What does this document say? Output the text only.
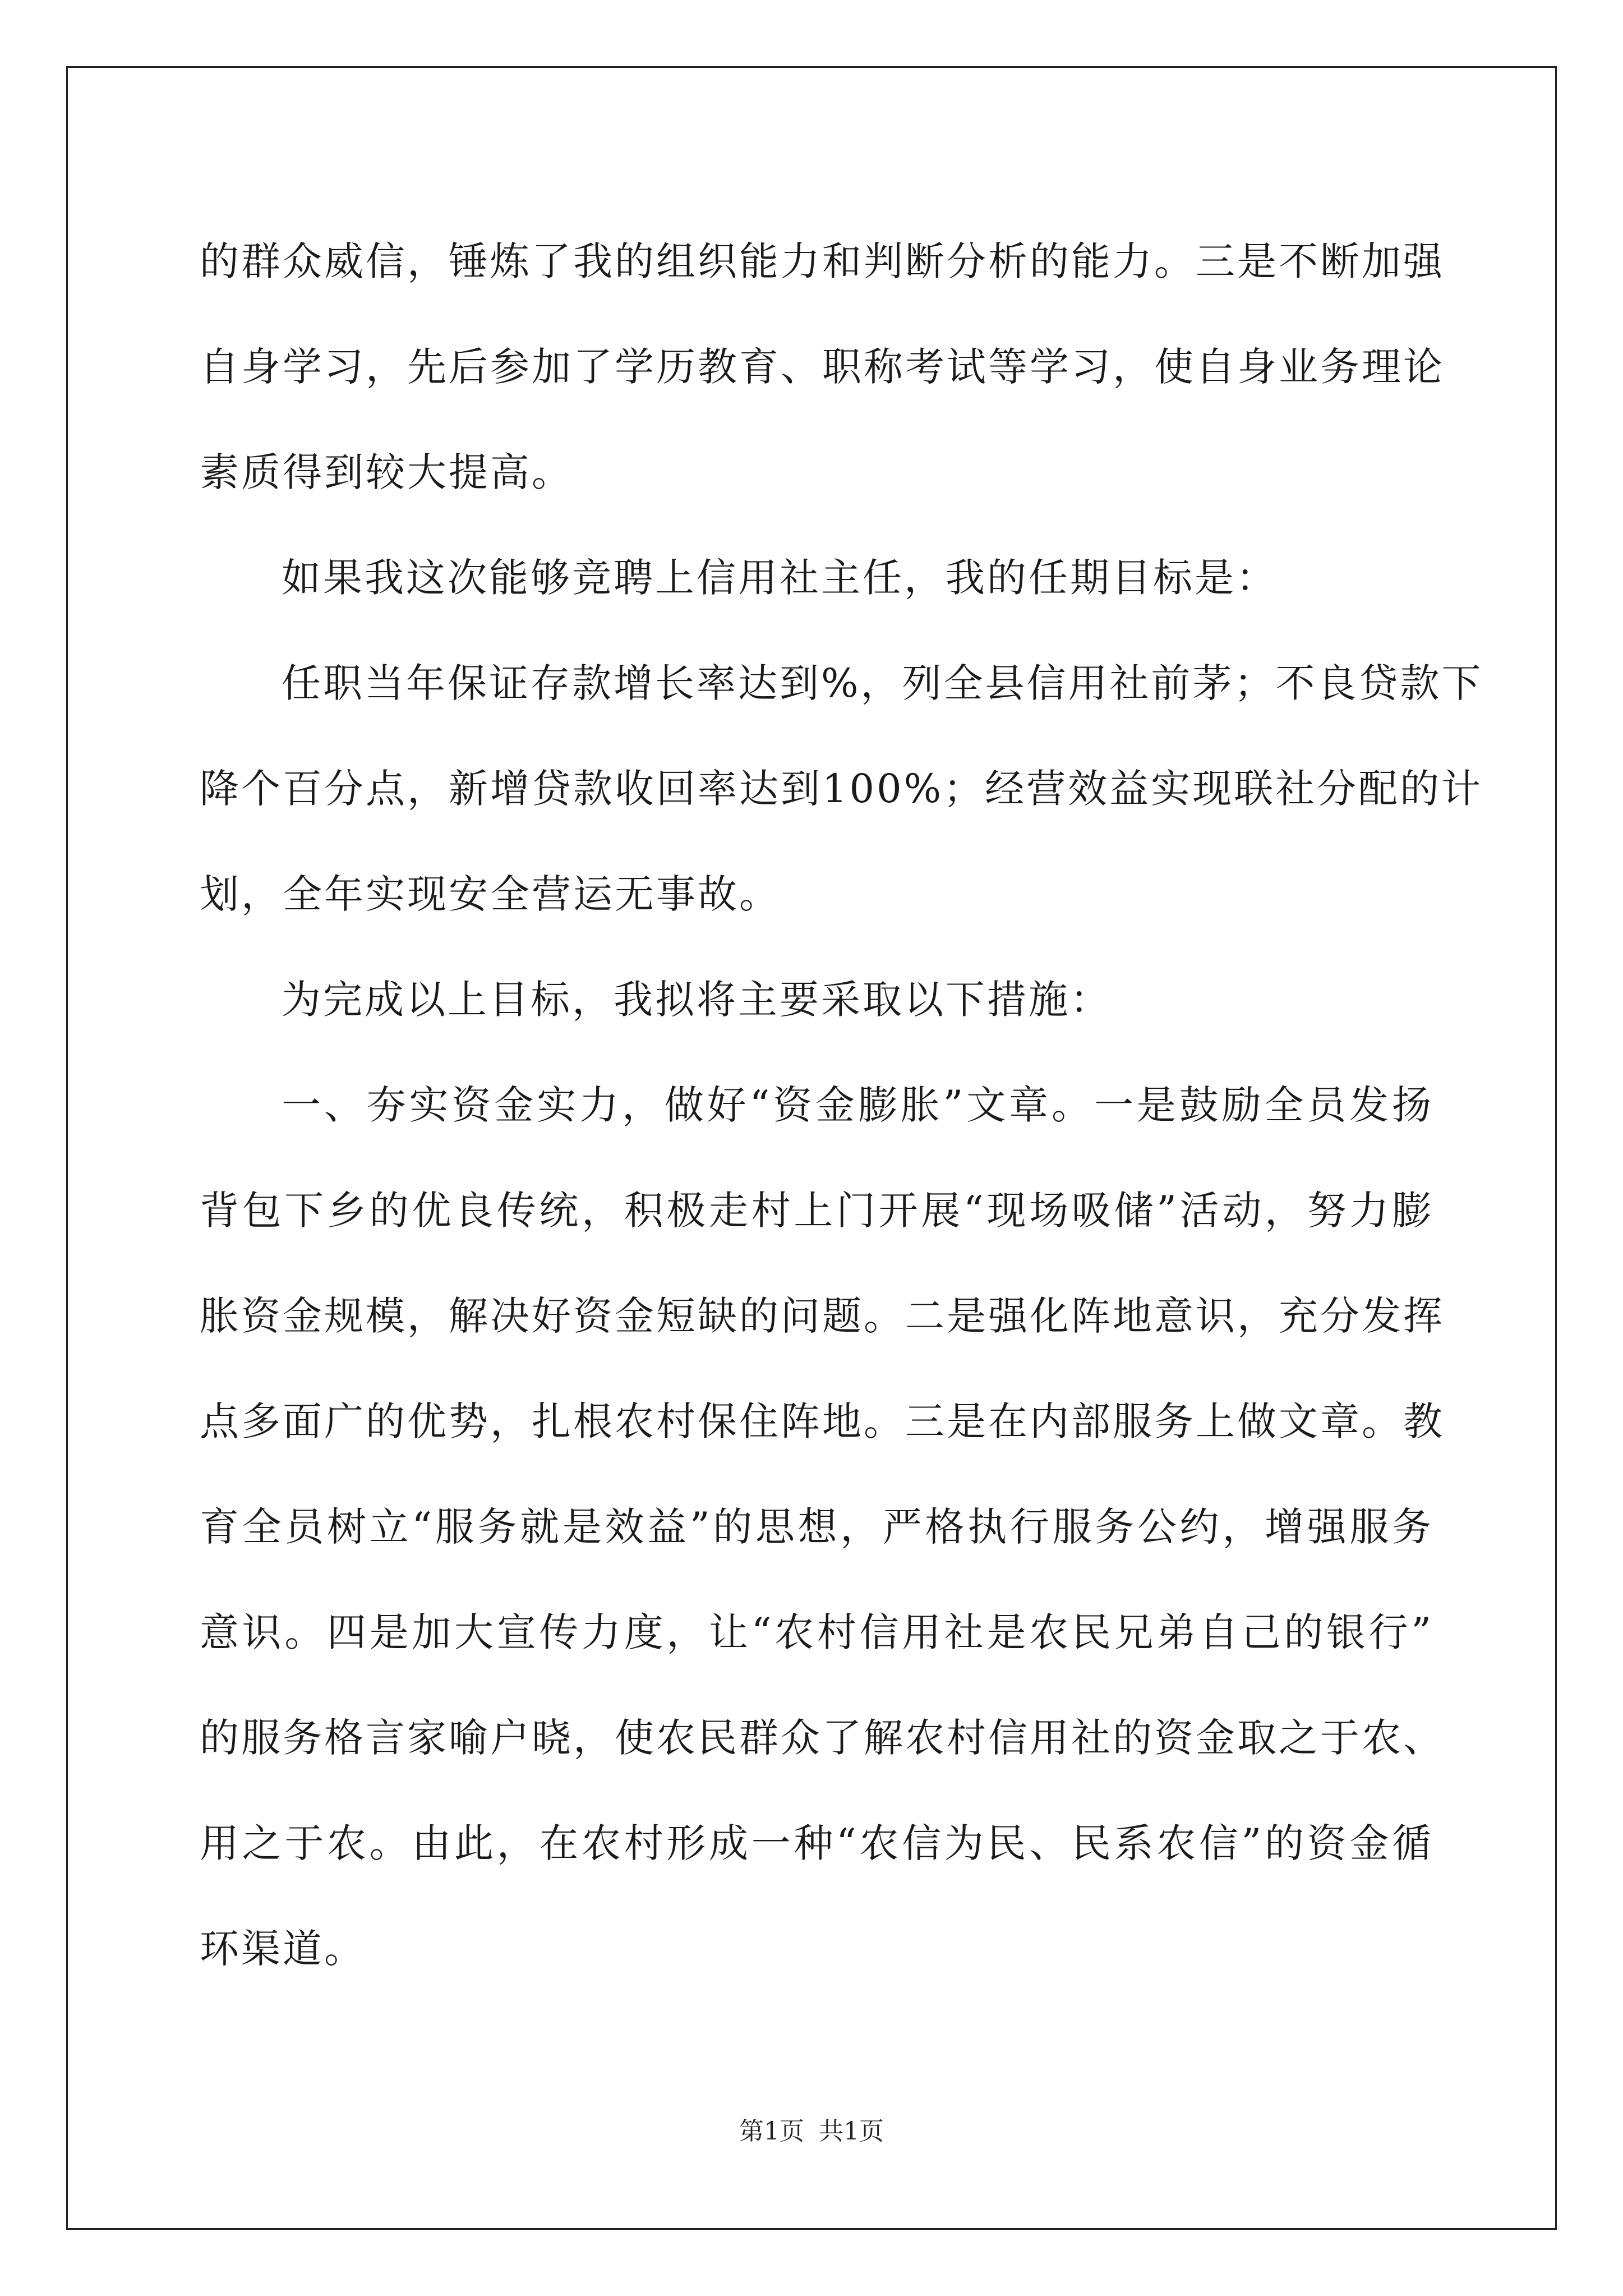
的群众威信，锤炼了我的组织能力和判断分析的能力。三是不断加强
自身学习，先后参加了学历教育、职称考试等学习，使自身业务理论
素质得到较大提高。
如果我这次能够竞聘上信用社主任，我的任期目标是：
任职当年保证存款增长率达到%，列全县信用社前茅；不良贷款下
降个百分点，新增贷款收回率达到100%；经营效益实现联社分配的计
划，全年实现安全营运无事故。
为完成以上目标，我拟将主要采取以下措施：
一、夯实资金实力，做好“资金膨胀”文章。一是鼓励全员发扬
背包下乡的优良传统，积极走村上门开展“现场吸储”活动，努力膨
胀资金规模，解决好资金短缺的问题。二是强化阵地意识，充分发挥
点多面广的优势，扎根农村保住阵地。三是在内部服务上做文章。教
育全员树立“服务就是效益”的思想，严格执行服务公约，增强服务
意识。四是加大宣传力度，让“农村信用社是农民兄弟自己的银行”
的服务格言家喻户晓，使农民群众了解农村信用社的资金取之于农、
用之于农。由此，在农村形成一种“农信为民、民系农信”的资金循
环渠道。
第1页 共1页
